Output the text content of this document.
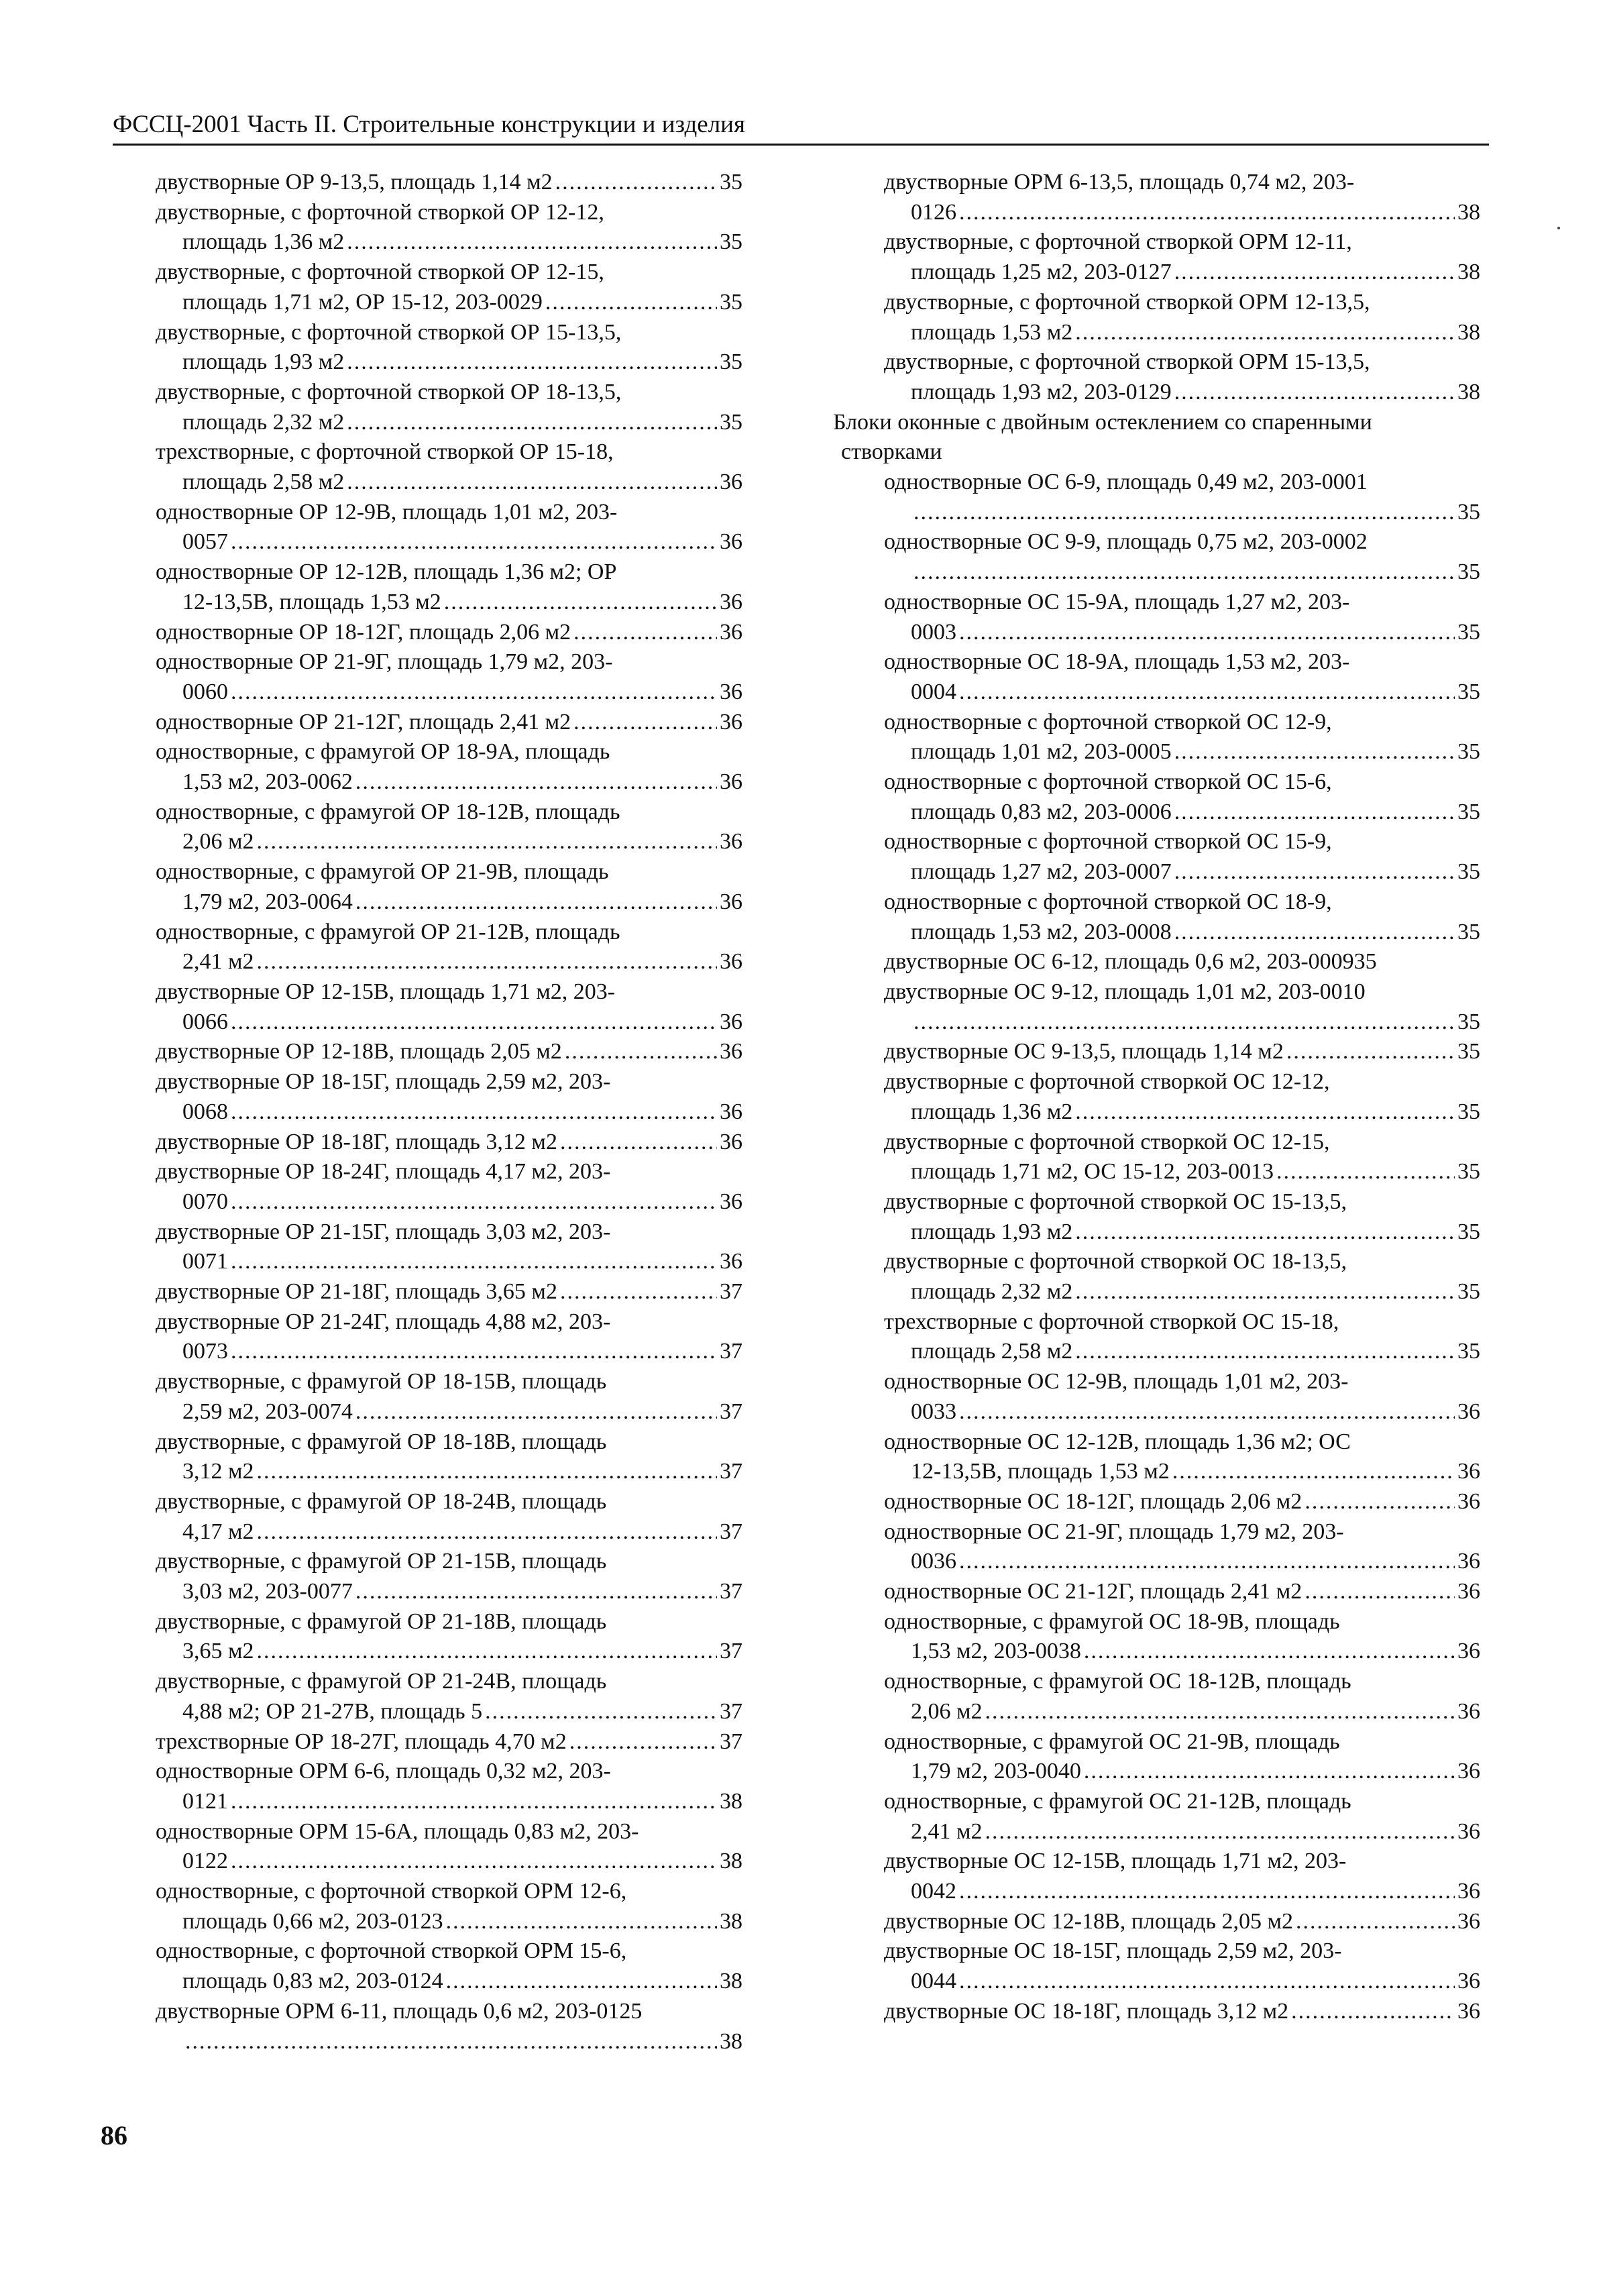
ФССЦ-2001 Часть II. Строительные конструкции и изделия
двустворные ОР 9-13,5, площадь 1,14 м2 .....	35
двустворные, с форточной створкой ОР 12-12,
площадь 1,36 м2 .....	35
двустворные, с форточной створкой ОР 12-15,
площадь 1,71 м2, ОР 15-12, 203-0029 .....	35
двустворные, с форточной створкой ОР 15-13,5,
площадь 1,93 м2 .....	35
двустворные, с форточной створкой ОР 18-13,5,
площадь 2,32 м2 .....	35
трехстворные, с форточной створкой ОР 15-18,
площадь 2,58 м2 .....	36
одностворные ОР 12-9В, площадь 1,01 м2, 203-
0057 .....	36
одностворные ОР 12-12В, площадь 1,36 м2; ОР
12-13,5В, площадь 1,53 м2 .....	36
одностворные ОР 18-12Г, площадь 2,06 м2 .....	36
одностворные ОР 21-9Г, площадь 1,79 м2, 203-
0060 .....	36
одностворные ОР 21-12Г, площадь 2,41 м2 .....	36
одностворные, с фрамугой ОР 18-9А, площадь
1,53 м2, 203-0062 .....	36
одностворные, с фрамугой ОР 18-12В, площадь
2,06 м2 .....	36
одностворные, с фрамугой ОР 21-9В, площадь
1,79 м2, 203-0064 .....	36
одностворные, с фрамугой ОР 21-12В, площадь
2,41 м2 .....	36
двустворные ОР 12-15В, площадь 1,71 м2, 203-
0066 .....	36
двустворные ОР 12-18В, площадь 2,05 м2 .....	36
двустворные ОР 18-15Г, площадь 2,59 м2, 203-
0068 .....	36
двустворные ОР 18-18Г, площадь 3,12 м2 .....	36
двустворные ОР 18-24Г, площадь 4,17 м2, 203-
0070 .....	36
двустворные ОР 21-15Г, площадь 3,03 м2, 203-
0071 .....	36
двустворные ОР 21-18Г, площадь 3,65 м2 .....	37
двустворные ОР 21-24Г, площадь 4,88 м2, 203-
0073 .....	37
двустворные, с фрамугой ОР 18-15В, площадь
2,59 м2, 203-0074 .....	37
двустворные, с фрамугой ОР 18-18В, площадь
3,12 м2 .....	37
двустворные, с фрамугой ОР 18-24В, площадь
4,17 м2 .....	37
двустворные, с фрамугой ОР 21-15В, площадь
3,03 м2, 203-0077 .....	37
двустворные, с фрамугой ОР 21-18В, площадь
3,65 м2 .....	37
двустворные, с фрамугой ОР 21-24В, площадь
4,88 м2; ОР 21-27В, площадь 5 .....	37
трехстворные ОР 18-27Г, площадь 4,70 м2 .....	37
одностворные ОРМ 6-6, площадь 0,32 м2, 203-
0121 .....	38
одностворные ОРМ 15-6А, площадь 0,83 м2, 203-
0122 .....	38
одностворные, с форточной створкой ОРМ 12-6,
площадь 0,66 м2, 203-0123 .....	38
одностворные, с форточной створкой ОРМ 15-6,
площадь 0,83 м2, 203-0124 .....	38
двустворные ОРМ 6-11, площадь 0,6 м2, 203-0125
.....
38
двустворные ОРМ 6-13,5, площадь 0,74 м2, 203-
0126 .....	38
двустворные, с форточной створкой ОРМ 12-11,
площадь 1,25 м2, 203-0127 .....	38
двустворные, с форточной створкой ОРМ 12-13,5,
площадь 1,53 м2 .....	38
двустворные, с форточной створкой ОРМ 15-13,5,
площадь 1,93 м2, 203-0129 .....	38
Блоки оконные с двойным остеклением со спаренными
створками
одностворные ОС 6-9, площадь 0,49 м2, 203-0001
.....
35
одностворные ОС 9-9, площадь 0,75 м2, 203-0002
.....
35
одностворные ОС 15-9А, площадь 1,27 м2, 203-
0003 .....	35
одностворные ОС 18-9А, площадь 1,53 м2, 203-
0004 .....	35
одностворные с форточной створкой ОС 12-9,
площадь 1,01 м2, 203-0005 .....	35
одностворные с форточной створкой ОС 15-6,
площадь 0,83 м2, 203-0006 .....	35
одностворные с форточной створкой ОС 15-9,
площадь 1,27 м2, 203-0007 .....	35
одностворные с форточной створкой ОС 18-9,
площадь 1,53 м2, 203-0008 .....	35
двустворные ОС 6-12, площадь 0,6 м2, 203-0009 35
двустворные ОС 9-12, площадь 1,01 м2, 203-0010
.....
35
двустворные ОС 9-13,5, площадь 1,14 м2 .....	35
двустворные с форточной створкой ОС 12-12,
площадь 1,36 м2 .....	35
двустворные с форточной створкой ОС 12-15,
площадь 1,71 м2, ОС 15-12, 203-0013 .....	35
двустворные с форточной створкой ОС 15-13,5,
площадь 1,93 м2 .....	35
двустворные с форточной створкой ОС 18-13,5,
площадь 2,32 м2 .....	35
трехстворные с форточной створкой ОС 15-18,
площадь 2,58 м2 .....	35
одностворные ОС 12-9В, площадь 1,01 м2, 203-
0033 .....	36
одностворные ОС 12-12В, площадь 1,36 м2; ОС
12-13,5В, площадь 1,53 м2 .....	36
одностворные ОС 18-12Г, площадь 2,06 м2 .....	36
одностворные ОС 21-9Г, площадь 1,79 м2, 203-
0036 .....	36
одностворные ОС 21-12Г, площадь 2,41 м2 .....	36
одностворные, с фрамугой ОС 18-9В, площадь
1,53 м2, 203-0038 .....	36
одностворные, с фрамугой ОС 18-12В, площадь
2,06 м2 .....	36
одностворные, с фрамугой ОС 21-9В, площадь
1,79 м2, 203-0040 .....	36
одностворные, с фрамугой ОС 21-12В, площадь
2,41 м2 .....	36
двустворные ОС 12-15В, площадь 1,71 м2, 203-
0042 .....	36
двустворные ОС 12-18В, площадь 2,05 м2 .....	36
двустворные ОС 18-15Г, площадь 2,59 м2, 203-
0044 .....	36
двустворные ОС 18-18Г, площадь 3,12 м2 .....	36
86
